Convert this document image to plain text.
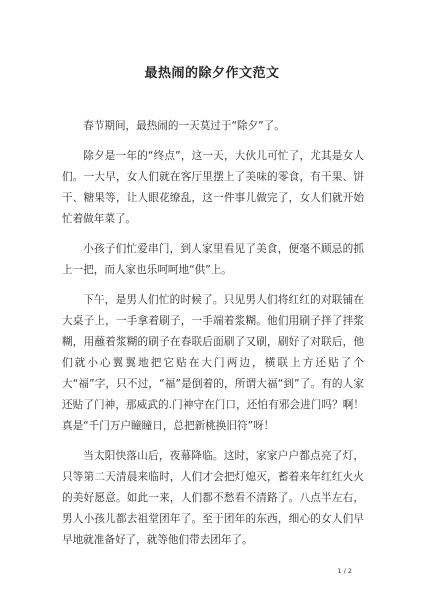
最热闹的除夕作文范文

春节期间，最热闹的一天莫过于“除夕”了。

除夕是一年的“终点”，这一天，大伙儿可忙了，尤其是女人们。一大早，女人们就在客厅里摆上了美味的零食，有干果、饼干、糖果等，让人眼花缭乱，这一件事儿做完了，女人们就开始忙着做年菜了。

小孩子们忙爱串门，到人家里看见了美食，便毫不顾忌的抓上一把，而人家也乐呵呵地“供”上。

下午，是男人们忙的时候了。只见男人们将红红的对联铺在大桌子上，一手拿着刷子，一手端着浆糊。他们用刷子拌了拌浆糊，用蘸着浆糊的刷子在春联后面刷了又刷，刷好了对联后，他们就小心翼翼地把它贴在大门两边，横联上方还贴了个大“福”字，只不过，“福”是倒着的，所谓大福“到”了。有的人家还贴了门神，那威武的.门神守在门口，还怕有邪会进门吗？啊！真是“千门万户瞳瞳日，总把新桃换旧符”呀！

当太阳快落山后，夜幕降临。这时，家家户户都点亮了灯，只等第二天清晨来临时，人们才会把灯熄灭，蓄着来年红红火火的美好愿意。如此一来，人们都不愁看不清路了。八点半左右，男人小孩儿都去祖堂团年了。至于团年的东西，细心的女人们早早地就准备好了，就等他们带去团年了。

1 / 2
